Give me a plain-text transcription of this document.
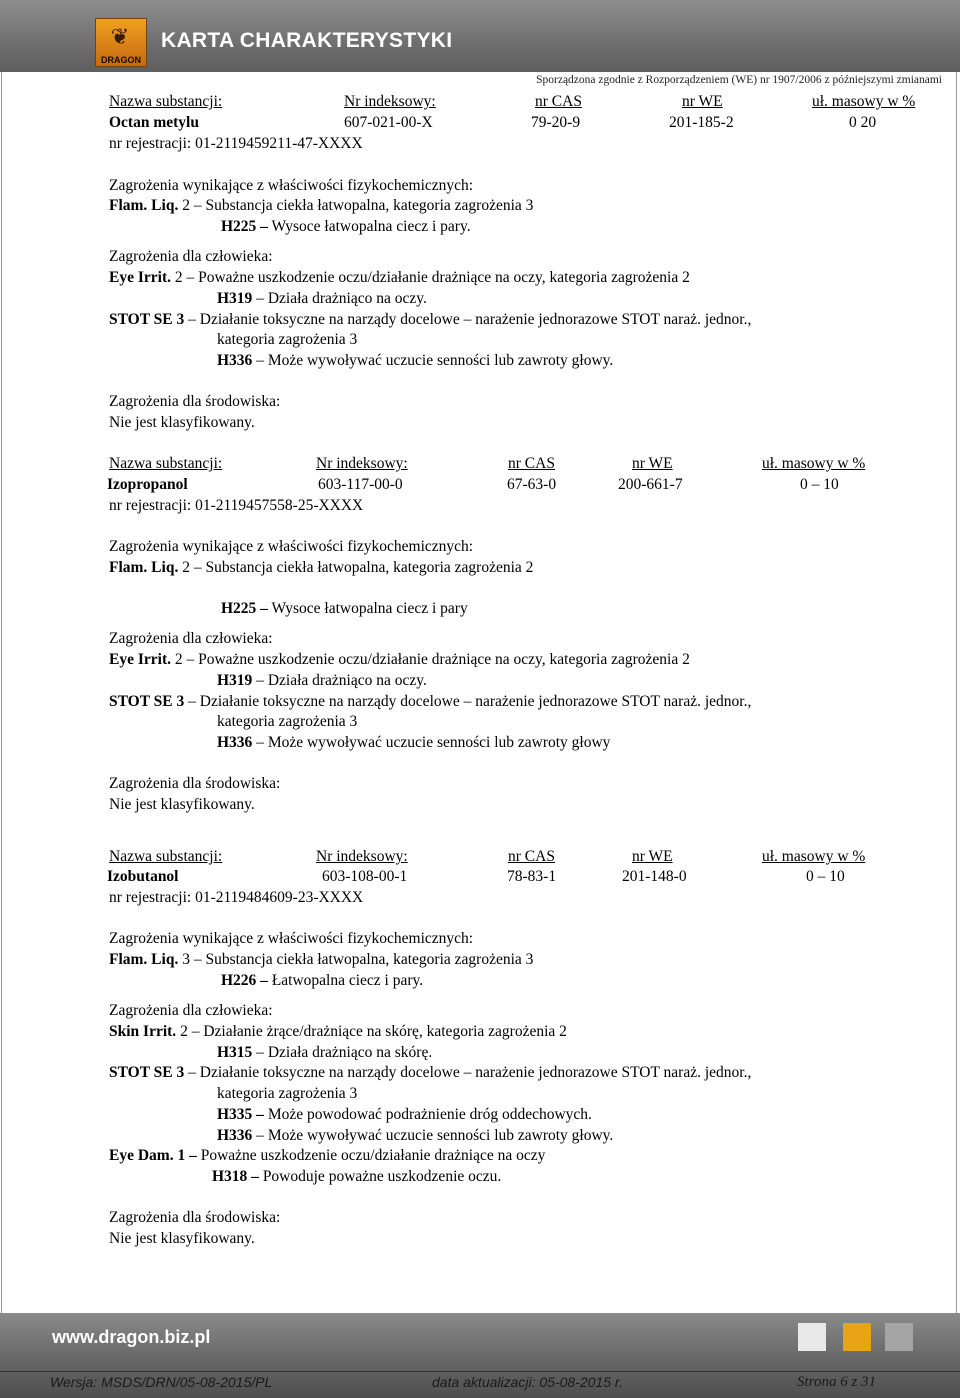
❦
DRAGON
KARTA CHARAKTERYSTYKI
Sporządzona zgodnie z Rozporządzeniem (WE) nr 1907/2006 z późniejszymi zmianami
Nazwa substancji:	Nr indeksowy:	nr CAS	nr WE	uł. masowy w %
Octan metylu	607-021-00-X	79-20-9	201-185-2	0 20
nr rejestracji: 01-2119459211-47-XXXX
Zagrożenia wynikające z właściwości fizykochemicznych:
Flam. Liq. 2 – Substancja ciekła łatwopalna, kategoria zagrożenia 3
H225 – Wysoce łatwopalna ciecz i pary.
Zagrożenia dla człowieka:
Eye Irrit. 2 – Poważne uszkodzenie oczu/działanie drażniące na oczy, kategoria zagrożenia 2
H319 – Działa drażniąco na oczy.
STOT SE 3 – Działanie toksyczne na narządy docelowe – narażenie jednorazowe STOT naraż. jednor.,
kategoria zagrożenia 3
H336 – Może wywoływać uczucie senności lub zawroty głowy.
Zagrożenia dla środowiska:
Nie jest klasyfikowany.
Nazwa substancji:	Nr indeksowy:	nr CAS	nr WE	uł. masowy w %
Izopropanol	603-117-00-0	67-63-0	200-661-7	0 – 10
nr rejestracji: 01-2119457558-25-XXXX
Zagrożenia wynikające z właściwości fizykochemicznych:
Flam. Liq. 2 – Substancja ciekła łatwopalna, kategoria zagrożenia 2
H225 – Wysoce łatwopalna ciecz i pary
Zagrożenia dla człowieka:
Eye Irrit. 2 – Poważne uszkodzenie oczu/działanie drażniące na oczy, kategoria zagrożenia 2
H319 – Działa drażniąco na oczy.
STOT SE 3 – Działanie toksyczne na narządy docelowe – narażenie jednorazowe STOT naraż. jednor.,
kategoria zagrożenia 3
H336 – Może wywoływać uczucie senności lub zawroty głowy
Zagrożenia dla środowiska:
Nie jest klasyfikowany.
Nazwa substancji:	Nr indeksowy:	nr CAS	nr WE	uł. masowy w %
Izobutanol	603-108-00-1	78-83-1	201-148-0	0 – 10
nr rejestracji: 01-2119484609-23-XXXX
Zagrożenia wynikające z właściwości fizykochemicznych:
Flam. Liq. 3 – Substancja ciekła łatwopalna, kategoria zagrożenia 3
H226 – Łatwopalna ciecz i pary.
Zagrożenia dla człowieka:
Skin Irrit. 2 – Działanie żrące/drażniące na skórę, kategoria zagrożenia 2
H315 – Działa drażniąco na skórę.
STOT SE 3 – Działanie toksyczne na narządy docelowe – narażenie jednorazowe STOT naraż. jednor.,
kategoria zagrożenia 3
H335 – Może powodować podrażnienie dróg oddechowych.
H336 – Może wywoływać uczucie senności lub zawroty głowy.
Eye Dam. 1 – Poważne uszkodzenie oczu/działanie drażniące na oczy
H318 – Powoduje poważne uszkodzenie oczu.
Zagrożenia dla środowiska:
Nie jest klasyfikowany.
www.dragon.biz.pl
Wersja: MSDS/DRN/05-08-2015/PL	data aktualizacji: 05-08-2015 r.	Strona 6 z 31
